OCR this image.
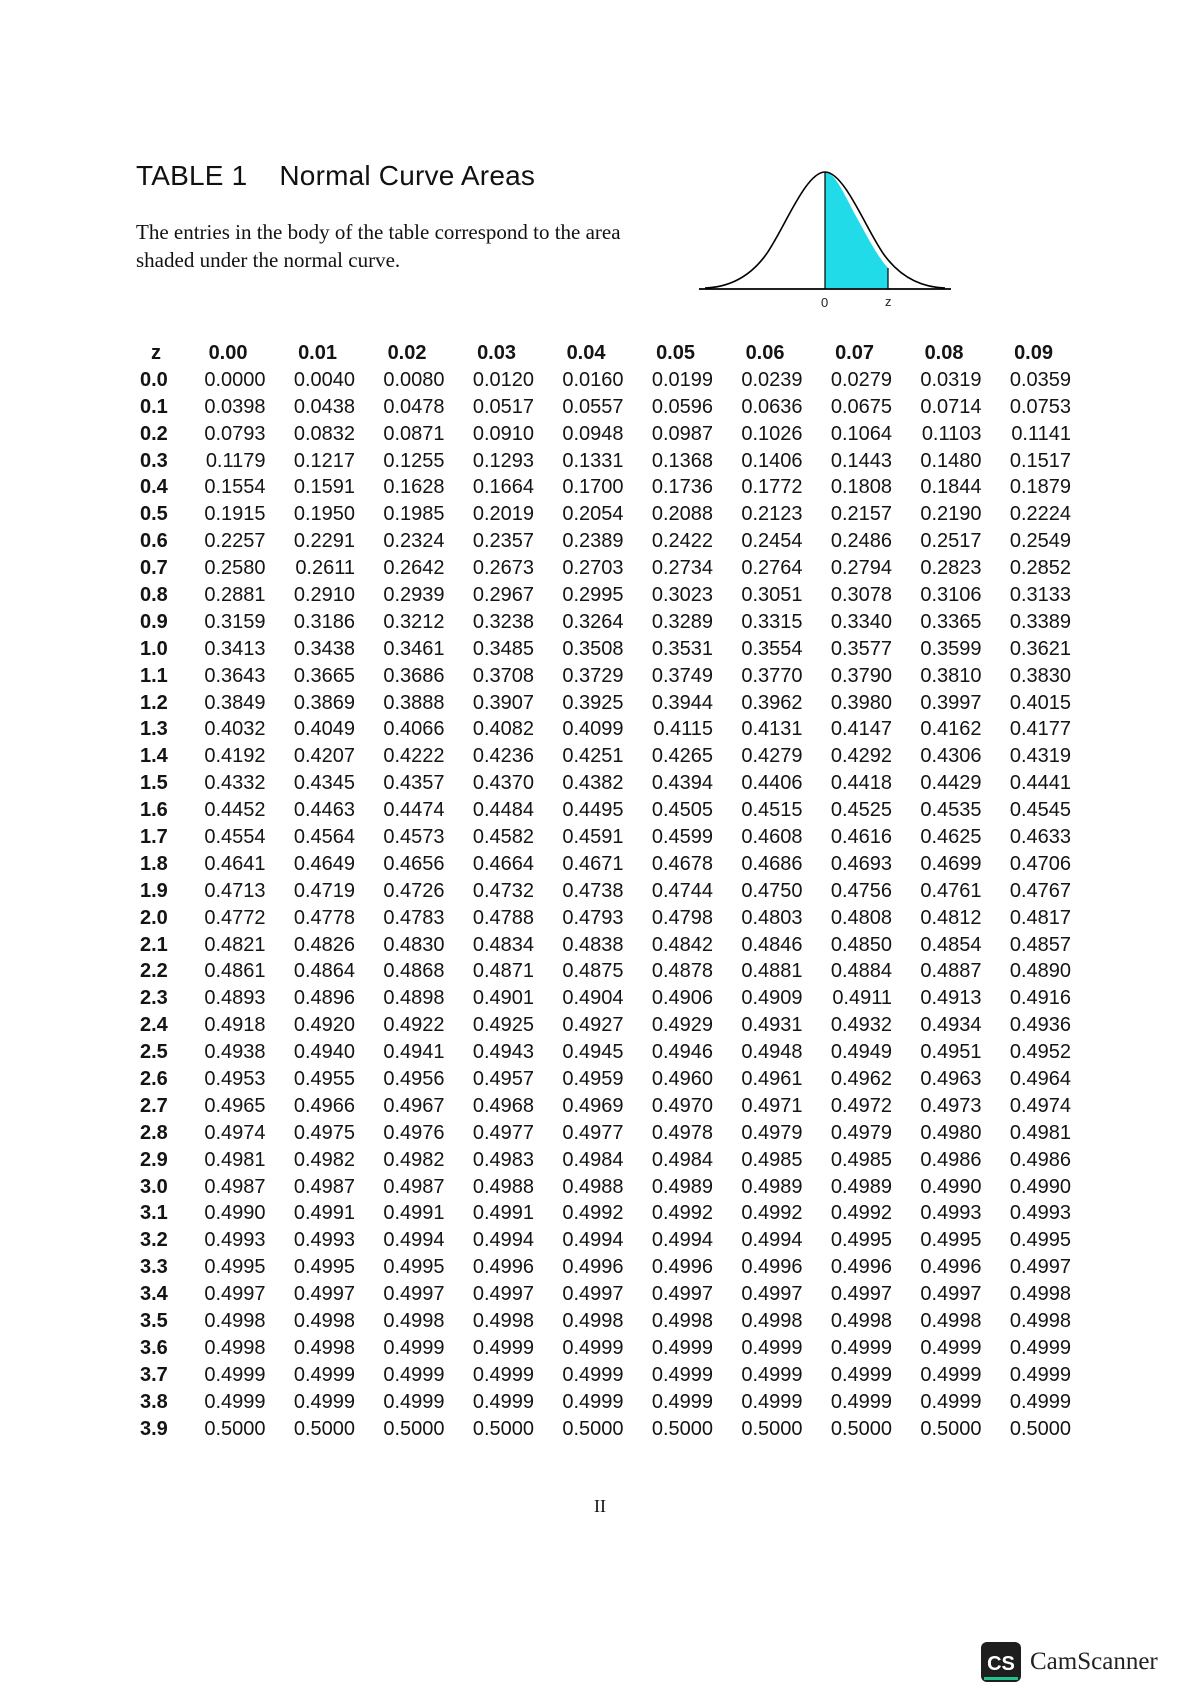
TABLE 1 Normal Curve Areas

The entries in the body of the table correspond to the area shaded under the normal curve.
0	z
z	0.00	0.01	0.02	0.03	0.04	0.05	0.06	0.07	0.08	0.09
0.0	0.0000	0.0040	0.0080	0.0120	0.0160	0.0199	0.0239	0.0279	0.0319	0.0359
0.1	0.0398	0.0438	0.0478	0.0517	0.0557	0.0596	0.0636	0.0675	0.0714	0.0753
0.2	0.0793	0.0832	0.0871	0.0910	0.0948	0.0987	0.1026	0.1064	0.1103	0.1141
0.3	0.1179	0.1217	0.1255	0.1293	0.1331	0.1368	0.1406	0.1443	0.1480	0.1517
0.4	0.1554	0.1591	0.1628	0.1664	0.1700	0.1736	0.1772	0.1808	0.1844	0.1879
0.5	0.1915	0.1950	0.1985	0.2019	0.2054	0.2088	0.2123	0.2157	0.2190	0.2224
0.6	0.2257	0.2291	0.2324	0.2357	0.2389	0.2422	0.2454	0.2486	0.2517	0.2549
0.7	0.2580	0.2611	0.2642	0.2673	0.2703	0.2734	0.2764	0.2794	0.2823	0.2852
0.8	0.2881	0.2910	0.2939	0.2967	0.2995	0.3023	0.3051	0.3078	0.3106	0.3133
0.9	0.3159	0.3186	0.3212	0.3238	0.3264	0.3289	0.3315	0.3340	0.3365	0.3389
1.0	0.3413	0.3438	0.3461	0.3485	0.3508	0.3531	0.3554	0.3577	0.3599	0.3621
1.1	0.3643	0.3665	0.3686	0.3708	0.3729	0.3749	0.3770	0.3790	0.3810	0.3830
1.2	0.3849	0.3869	0.3888	0.3907	0.3925	0.3944	0.3962	0.3980	0.3997	0.4015
1.3	0.4032	0.4049	0.4066	0.4082	0.4099	0.4115	0.4131	0.4147	0.4162	0.4177
1.4	0.4192	0.4207	0.4222	0.4236	0.4251	0.4265	0.4279	0.4292	0.4306	0.4319
1.5	0.4332	0.4345	0.4357	0.4370	0.4382	0.4394	0.4406	0.4418	0.4429	0.4441
1.6	0.4452	0.4463	0.4474	0.4484	0.4495	0.4505	0.4515	0.4525	0.4535	0.4545
1.7	0.4554	0.4564	0.4573	0.4582	0.4591	0.4599	0.4608	0.4616	0.4625	0.4633
1.8	0.4641	0.4649	0.4656	0.4664	0.4671	0.4678	0.4686	0.4693	0.4699	0.4706
1.9	0.4713	0.4719	0.4726	0.4732	0.4738	0.4744	0.4750	0.4756	0.4761	0.4767
2.0	0.4772	0.4778	0.4783	0.4788	0.4793	0.4798	0.4803	0.4808	0.4812	0.4817
2.1	0.4821	0.4826	0.4830	0.4834	0.4838	0.4842	0.4846	0.4850	0.4854	0.4857
2.2	0.4861	0.4864	0.4868	0.4871	0.4875	0.4878	0.4881	0.4884	0.4887	0.4890
2.3	0.4893	0.4896	0.4898	0.4901	0.4904	0.4906	0.4909	0.4911	0.4913	0.4916
2.4	0.4918	0.4920	0.4922	0.4925	0.4927	0.4929	0.4931	0.4932	0.4934	0.4936
2.5	0.4938	0.4940	0.4941	0.4943	0.4945	0.4946	0.4948	0.4949	0.4951	0.4952
2.6	0.4953	0.4955	0.4956	0.4957	0.4959	0.4960	0.4961	0.4962	0.4963	0.4964
2.7	0.4965	0.4966	0.4967	0.4968	0.4969	0.4970	0.4971	0.4972	0.4973	0.4974
2.8	0.4974	0.4975	0.4976	0.4977	0.4977	0.4978	0.4979	0.4979	0.4980	0.4981
2.9	0.4981	0.4982	0.4982	0.4983	0.4984	0.4984	0.4985	0.4985	0.4986	0.4986
3.0	0.4987	0.4987	0.4987	0.4988	0.4988	0.4989	0.4989	0.4989	0.4990	0.4990
3.1	0.4990	0.4991	0.4991	0.4991	0.4992	0.4992	0.4992	0.4992	0.4993	0.4993
3.2	0.4993	0.4993	0.4994	0.4994	0.4994	0.4994	0.4994	0.4995	0.4995	0.4995
3.3	0.4995	0.4995	0.4995	0.4996	0.4996	0.4996	0.4996	0.4996	0.4996	0.4997
3.4	0.4997	0.4997	0.4997	0.4997	0.4997	0.4997	0.4997	0.4997	0.4997	0.4998
3.5	0.4998	0.4998	0.4998	0.4998	0.4998	0.4998	0.4998	0.4998	0.4998	0.4998
3.6	0.4998	0.4998	0.4999	0.4999	0.4999	0.4999	0.4999	0.4999	0.4999	0.4999
3.7	0.4999	0.4999	0.4999	0.4999	0.4999	0.4999	0.4999	0.4999	0.4999	0.4999
3.8	0.4999	0.4999	0.4999	0.4999	0.4999	0.4999	0.4999	0.4999	0.4999	0.4999
3.9	0.5000	0.5000	0.5000	0.5000	0.5000	0.5000	0.5000	0.5000	0.5000	0.5000
II
CS CamScanner
